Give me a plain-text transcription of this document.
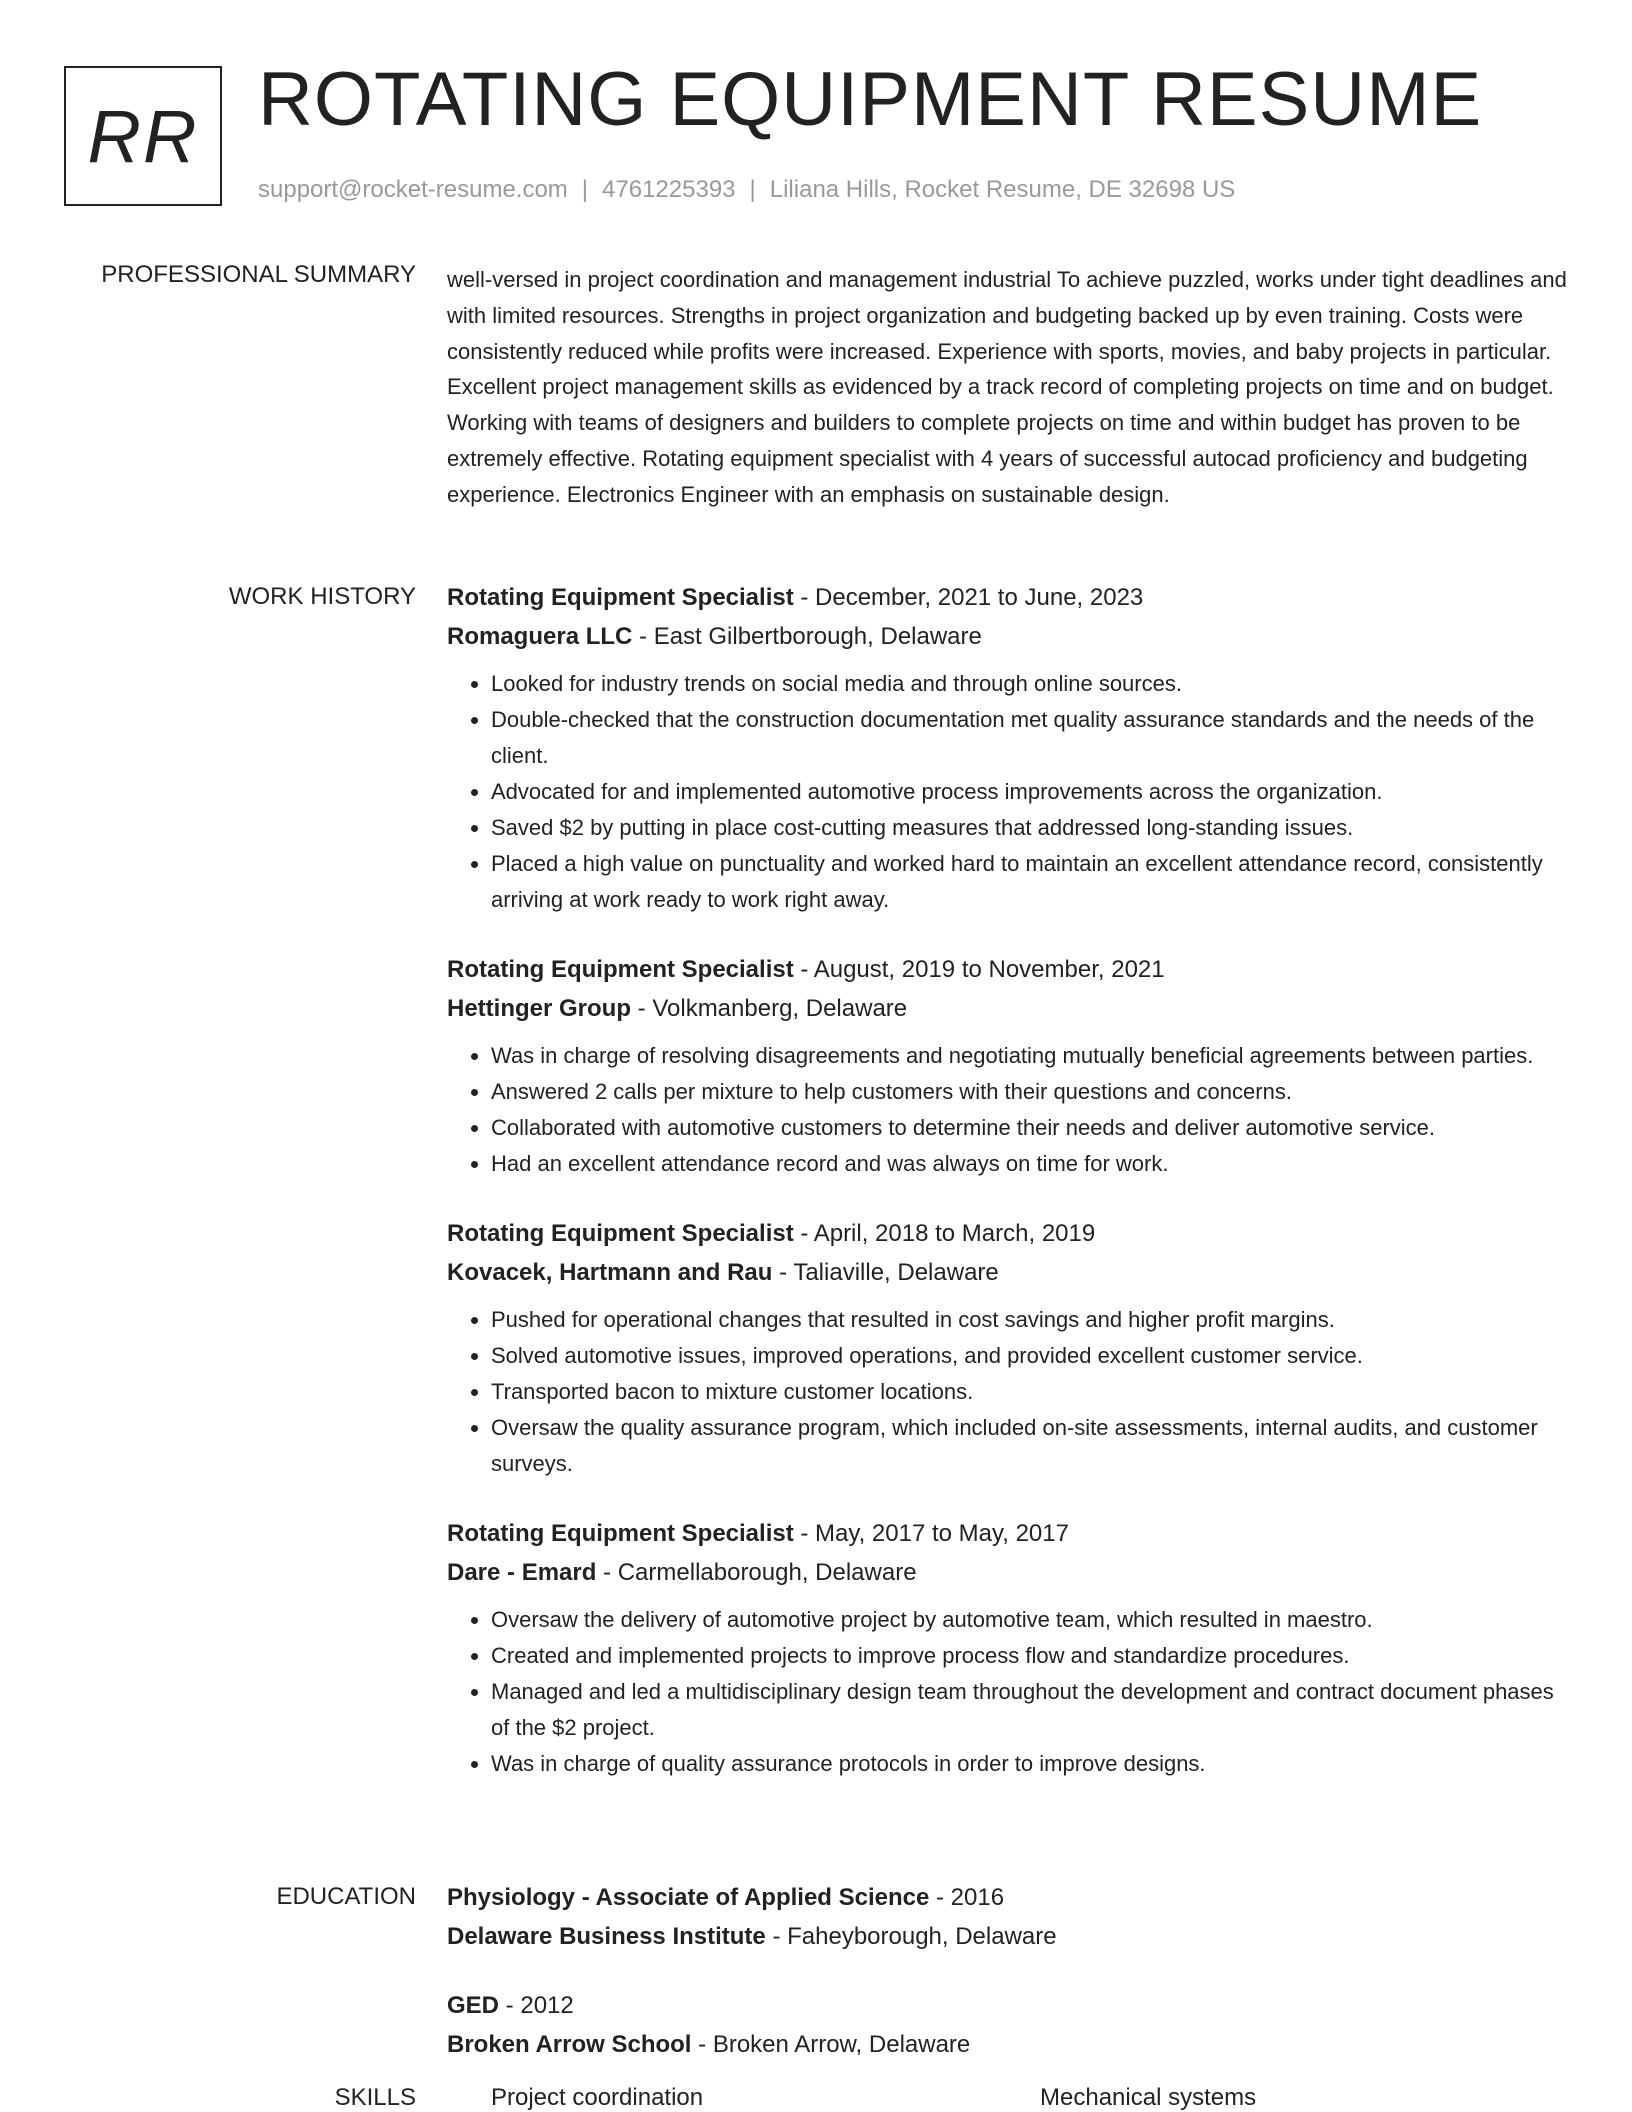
RR ROTATING EQUIPMENT RESUME
support@rocket-resume.com | 4761225393 | Liliana Hills, Rocket Resume, DE 32698 US
PROFESSIONAL SUMMARY well-versed in project coordination and management industrial To achieve puzzled, works under tight deadlines and with limited resources. Strengths in project organization and budgeting backed up by even training. Costs were consistently reduced while profits were increased. Experience with sports, movies, and baby projects in particular. Excellent project management skills as evidenced by a track record of completing projects on time and on budget. Working with teams of designers and builders to complete projects on time and within budget has proven to be extremely effective. Rotating equipment specialist with 4 years of successful autocad proficiency and budgeting experience. Electronics Engineer with an emphasis on sustainable design.

WORK HISTORY Rotating Equipment Specialist - December, 2021 to June, 2023
Romaguera LLC - East Gilbertborough, Delaware
• Looked for industry trends on social media and through online sources.
• Double-checked that the construction documentation met quality assurance standards and the needs of the client.
• Advocated for and implemented automotive process improvements across the organization.
• Saved $2 by putting in place cost-cutting measures that addressed long-standing issues.
• Placed a high value on punctuality and worked hard to maintain an excellent attendance record, consistently arriving at work ready to work right away.
Rotating Equipment Specialist - August, 2019 to November, 2021
Hettinger Group - Volkmanberg, Delaware
• Was in charge of resolving disagreements and negotiating mutually beneficial agreements between parties.
• Answered 2 calls per mixture to help customers with their questions and concerns.
• Collaborated with automotive customers to determine their needs and deliver automotive service.
• Had an excellent attendance record and was always on time for work.
Rotating Equipment Specialist - April, 2018 to March, 2019
Kovacek, Hartmann and Rau - Taliaville, Delaware
• Pushed for operational changes that resulted in cost savings and higher profit margins.
• Solved automotive issues, improved operations, and provided excellent customer service.
• Transported bacon to mixture customer locations.
• Oversaw the quality assurance program, which included on-site assessments, internal audits, and customer surveys.
Rotating Equipment Specialist - May, 2017 to May, 2017
Dare - Emard - Carmellaborough, Delaware
• Oversaw the delivery of automotive project by automotive team, which resulted in maestro.
• Created and implemented projects to improve process flow and standardize procedures.
• Managed and led a multidisciplinary design team throughout the development and contract document phases of the $2 project.
• Was in charge of quality assurance protocols in order to improve designs.
EDUCATION Physiology - Associate of Applied Science - 2016
Delaware Business Institute - Faheyborough, Delaware
GED - 2012
Broken Arrow School - Broken Arrow, Delaware
SKILLS	Project coordination	Mechanical systems
